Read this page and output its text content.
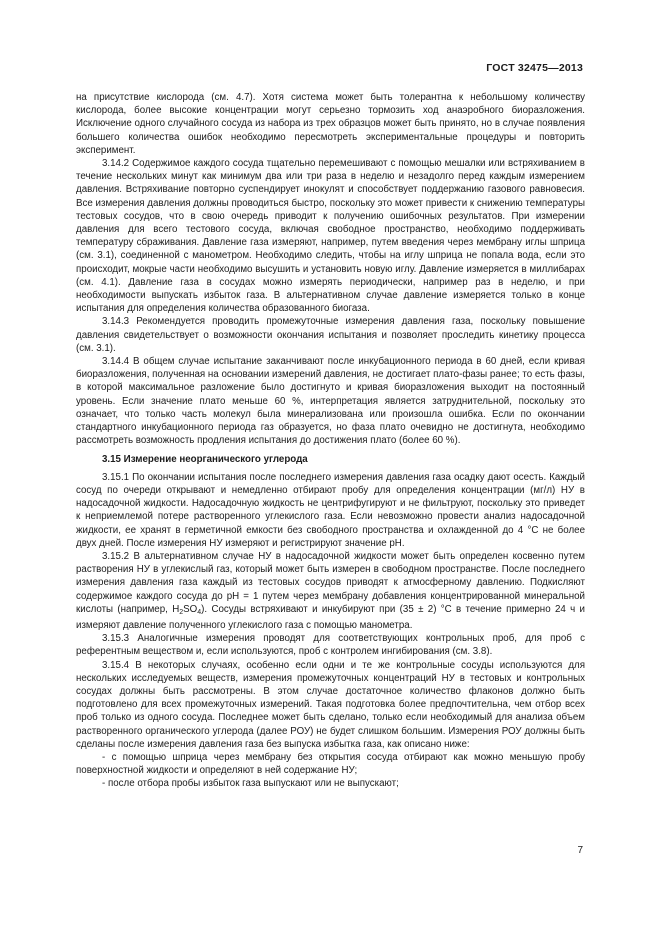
ГОСТ 32475—2013

на присутствие кислорода (см. 4.7). Хотя система может быть толерантна к небольшому количеству кислорода, более высокие концентрации могут серьезно тормозить ход анаэробного биоразложения. Исключение одного случайного сосуда из набора из трех образцов может быть принято, но в случае появления большего количества ошибок необходимо пересмотреть экспериментальные процедуры и повторить эксперимент.

3.14.2 Содержимое каждого сосуда тщательно перемешивают с помощью мешалки или встряхиванием в течение нескольких минут как минимум два или три раза в неделю и незадолго перед каждым измерением давления. Встряхивание повторно суспендирует инокулят и способствует поддержанию газового равновесия. Все измерения давления должны проводиться быстро, поскольку это может привести к снижению температуры тестовых сосудов, что в свою очередь приводит к получению ошибочных результатов. При измерении давления для всего тестового сосуда, включая свободное пространство, необходимо поддерживать температуру сбраживания. Давление газа измеряют, например, путем введения через мембрану иглы шприца (см. 3.1), соединенной с манометром. Необходимо следить, чтобы на иглу шприца не попала вода, если это происходит, мокрые части необходимо высушить и установить новую иглу. Давление измеряется в миллибарах (см. 4.1). Давление газа в сосудах можно измерять периодически, например раз в неделю, и при необходимости выпускать избыток газа. В альтернативном случае давление измеряется только в конце испытания для определения количества образованного биогаза.

3.14.3 Рекомендуется проводить промежуточные измерения давления газа, поскольку повышение давления свидетельствует о возможности окончания испытания и позволяет проследить кинетику процесса (см. 3.1).

3.14.4 В общем случае испытание заканчивают после инкубационного периода в 60 дней, если кривая биоразложения, полученная на основании измерений давления, не достигает плато-фазы ранее; то есть фазы, в которой максимальное разложение было достигнуто и кривая биоразложения выходит на постоянный уровень. Если значение плато меньше 60 %, интерпретация является затруднительной, поскольку это означает, что только часть молекул была минерализована или произошла ошибка. Если по окончании стандартного инкубационного периода газ образуется, но фаза плато очевидно не достигнута, необходимо рассмотреть возможность продления испытания до достижения плато (более 60 %).

3.15 Измерение неорганического углерода

3.15.1 По окончании испытания после последнего измерения давления газа осадку дают осесть. Каждый сосуд по очереди открывают и немедленно отбирают пробу для определения концентрации (мг/л) НУ в надосадочной жидкости. Надосадочную жидкость не центрифугируют и не фильтруют, поскольку это приведет к неприемлемой потере растворенного углекислого газа. Если невозможно провести анализ надосадочной жидкости, ее хранят в герметичной емкости без свободного пространства и охлажденной до 4 °С не более двух дней. После измерения НУ измеряют и регистрируют значение рН.

3.15.2 В альтернативном случае НУ в надосадочной жидкости может быть определен косвенно путем растворения НУ в углекислый газ, который может быть измерен в свободном пространстве. После последнего измерения давления газа каждый из тестовых сосудов приводят к атмосферному давлению. Подкисляют содержимое каждого сосуда до рН = 1 путем через мембрану добавления концентрированной минеральной кислоты (например, $Н_2SO_4$). Сосуды встряхивают и инкубируют при (35 ± 2) °С в течение примерно 24 ч и измеряют давление полученного углекислого газа с помощью манометра.

3.15.3 Аналогичные измерения проводят для соответствующих контрольных проб, для проб с референтным веществом и, если используются, проб с контролем ингибирования (см. 3.8).

3.15.4 В некоторых случаях, особенно если одни и те же контрольные сосуды используются для нескольких исследуемых веществ, измерения промежуточных концентраций НУ в тестовых и контрольных сосудах должны быть рассмотрены. В этом случае достаточное количество флаконов должно быть подготовлено для всех промежуточных измерений. Такая подготовка более предпочтительна, чем отбор всех проб только из одного сосуда. Последнее может быть сделано, только если необходимый для анализа объем растворенного органического углерода (далее РОУ) не будет слишком большим. Измерения РОУ должны быть сделаны после измерения давления газа без выпуска избытка газа, как описано ниже:

- с помощью шприца через мембрану без открытия сосуда отбирают как можно меньшую пробу поверхностной жидкости и определяют в ней содержание НУ;

- после отбора пробы избыток газа выпускают или не выпускают;

7
